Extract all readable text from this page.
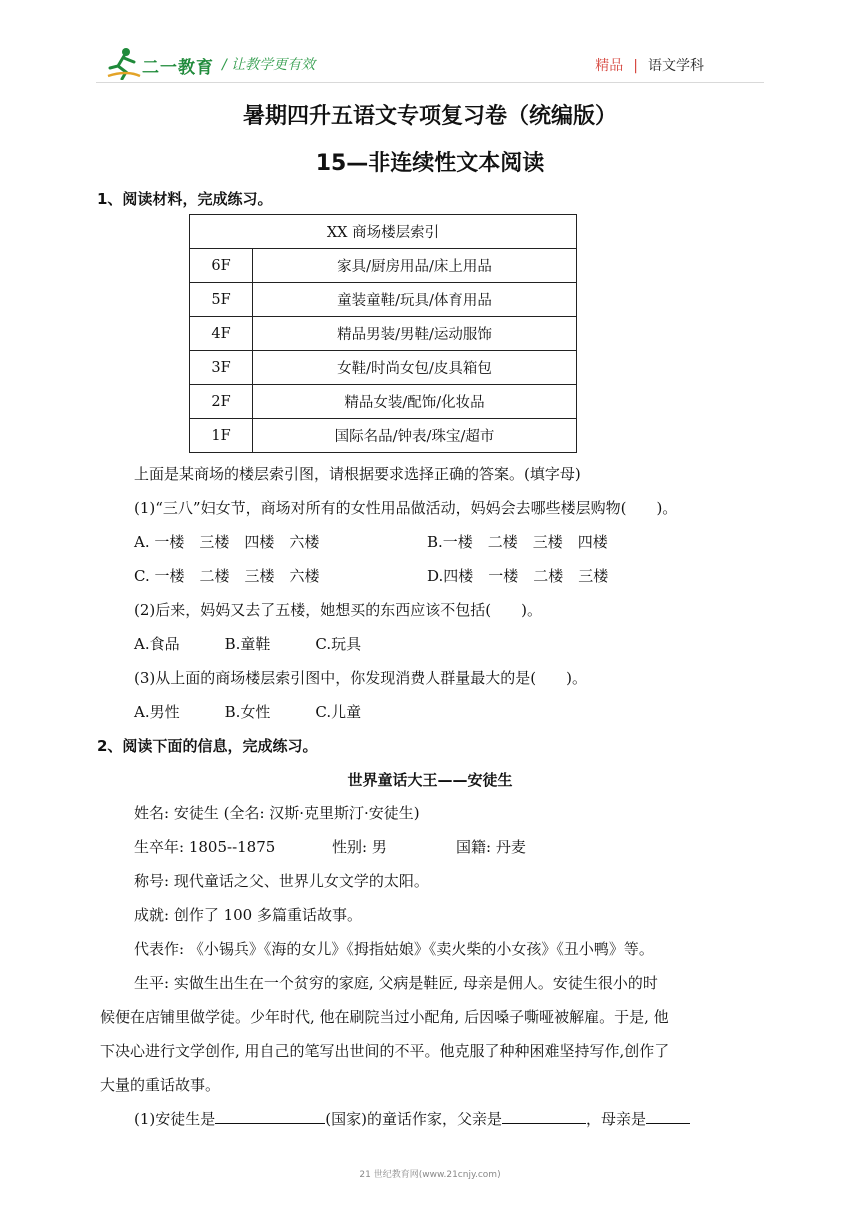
二一教育 / 让教学更有效	精品 | 语文学科
暑期四升五语文专项复习卷（统编版）
15—非连续性文本阅读
1、阅读材料，完成练习。
XX 商场楼层索引	
6F	家具/厨房用品/床上用品
5F	童装童鞋/玩具/体育用品
4F	精品男装/男鞋/运动服饰
3F	女鞋/时尚女包/皮具箱包
2F	精品女装/配饰/化妆品
1F	国际名品/钟表/珠宝/超市
上面是某商场的楼层索引图，请根据要求选择正确的答案。(填字母)
(1)“三八”妇女节，商场对所有的女性用品做活动，妈妈会去哪些楼层购物(　　)。
A. 一楼　三楼　四楼　六楼	B.一楼　二楼　三楼　四楼
C. 一楼　二楼　三楼　六楼	D.四楼　一楼　二楼　三楼
(2)后来，妈妈又去了五楼，她想买的东西应该不包括(　　)。
A.食品　　　B.童鞋　　　C.玩具
(3)从上面的商场楼层索引图中，你发现消费人群量最大的是(　　)。
A.男性　　　B.女性　　　C.儿童
2、阅读下面的信息，完成练习。
世界童话大王——安徒生
姓名: 安徒生 (全名: 汉斯·克里斯汀·安徒生)
生卒年: 1805--1875	性别: 男	国籍: 丹麦
称号: 现代童话之父、世界儿女文学的太阳。
成就: 创作了 100 多篇重话故事。
代表作: 《小锡兵》《海的女儿》《拇指姑娘》《卖火柴的小女孩》《丑小鸭》等。
生平: 实做生出生在一个贫穷的家庭, 父病是鞋匠, 母亲是佣人。安徒生很小的时
候便在店铺里做学徒。少年时代, 他在刷院当过小配角, 后因嗓子嘶哑被解雇。于是, 他
下决心进行文学创作, 用自己的笔写出世间的不平。他克服了种种困难坚持写作,创作了
大量的重话故事。
(1)安徒生是	(国家)的童话作家，父亲是	，母亲是
21 世纪教育网(www.21cnjy.com)
